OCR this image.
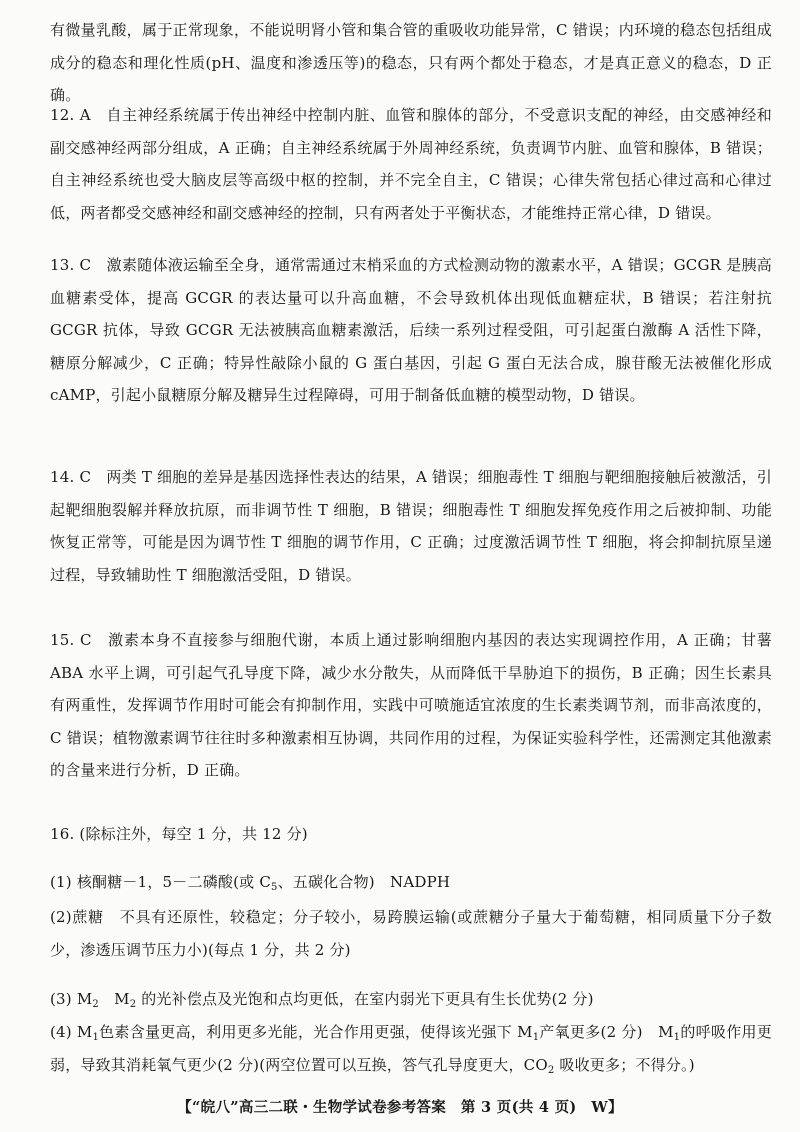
有微量乳酸，属于正常现象，不能说明肾小管和集合管的重吸收功能异常，C 错误；内环境的稳态包括组成成分的稳态和理化性质(pH、温度和渗透压等)的稳态，只有两个都处于稳态，才是真正意义的稳态，D 正确。

12. A　自主神经系统属于传出神经中控制内脏、血管和腺体的部分，不受意识支配的神经，由交感神经和副交感神经两部分组成，A 正确；自主神经系统属于外周神经系统，负责调节内脏、血管和腺体，B 错误；自主神经系统也受大脑皮层等高级中枢的控制，并不完全自主，C 错误；心律失常包括心律过高和心律过低，两者都受交感神经和副交感神经的控制，只有两者处于平衡状态，才能维持正常心律，D 错误。

13. C　激素随体液运输至全身，通常需通过末梢采血的方式检测动物的激素水平，A 错误；GCGR 是胰高血糖素受体，提高 GCGR 的表达量可以升高血糖，不会导致机体出现低血糖症状，B 错误；若注射抗 GCGR 抗体，导致 GCGR 无法被胰高血糖素激活，后续一系列过程受阻，可引起蛋白激酶 A 活性下降，糖原分解减少，C 正确；特异性敲除小鼠的 G 蛋白基因，引起 G 蛋白无法合成，腺苷酸无法被催化形成 cAMP，引起小鼠糖原分解及糖异生过程障碍，可用于制备低血糖的模型动物，D 错误。

14. C　两类 T 细胞的差异是基因选择性表达的结果，A 错误；细胞毒性 T 细胞与靶细胞接触后被激活，引起靶细胞裂解并释放抗原，而非调节性 T 细胞，B 错误；细胞毒性 T 细胞发挥免疫作用之后被抑制、功能恢复正常等，可能是因为调节性 T 细胞的调节作用，C 正确；过度激活调节性 T 细胞，将会抑制抗原呈递过程，导致辅助性 T 细胞激活受阻，D 错误。

15. C　激素本身不直接参与细胞代谢，本质上通过影响细胞内基因的表达实现调控作用，A 正确；甘薯 ABA 水平上调，可引起气孔导度下降，减少水分散失，从而降低干旱胁迫下的损伤，B 正确；因生长素具有两重性，发挥调节作用时可能会有抑制作用，实践中可喷施适宜浓度的生长素类调节剂，而非高浓度的，C 错误；植物激素调节往往时多种激素相互协调，共同作用的过程，为保证实验科学性，还需测定其他激素的含量来进行分析，D 正确。

16. (除标注外，每空 1 分，共 12 分)

(1) 核酮糖－1，5－二磷酸(或 $C_5$、五碳化合物)　NADPH

(2)蔗糖　不具有还原性，较稳定；分子较小，易跨膜运输(或蔗糖分子量大于葡萄糖，相同质量下分子数少，渗透压调节压力小)(每点 1 分，共 2 分)

(3) $M_2$　$M_2$ 的光补偿点及光饱和点均更低，在室内弱光下更具有生长优势(2 分)

(4) $M_1$色素含量更高，利用更多光能，光合作用更强，使得该光强下 $M_1$产氧更多(2 分)　$M_1$的呼吸作用更弱，导致其消耗氧气更少(2 分)(两空位置可以互换，答气孔导度更大，$CO_2$ 吸收更多；不得分。)

【“皖八”高三二联・生物学试卷参考答案　第 3 页(共 4 页)　W】
